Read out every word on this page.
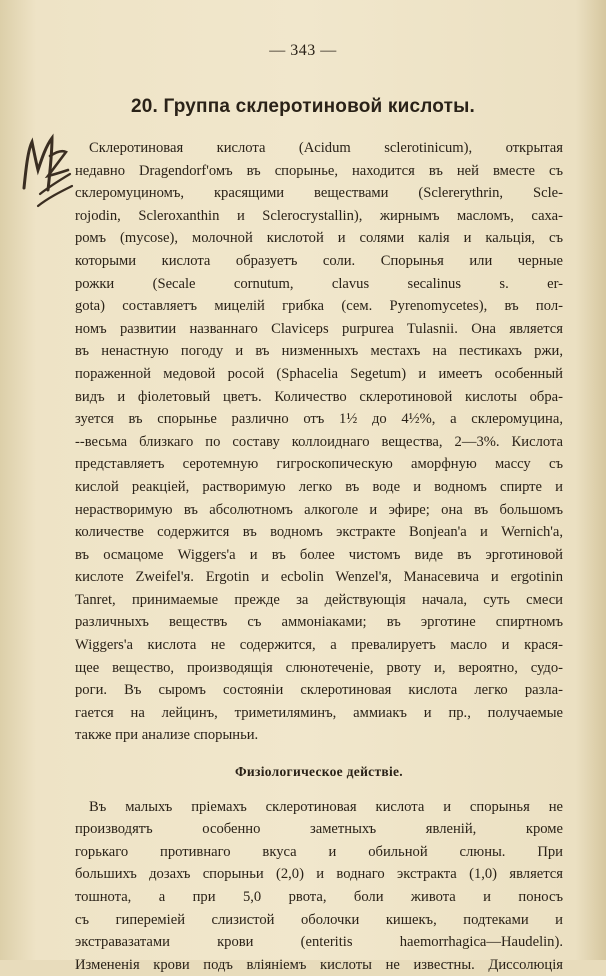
— 343 —
20. Группа склеротиновой кислоты.
Склеротиновая кислота (Acidum sclerotinicum), открытая
недавно Dragendorf'омъ въ спорынье, находится въ ней вместе съ
склеромуциномъ, красящими веществами (Sclererythrin, Scle-
rojodin, Scleroxanthin и Sclerocrystallin), жирнымъ масломъ, саха-
ромъ (mycose), молочной кислотой и солями калія и кальція, съ
которыми кислота образуетъ соли. Спорынья или черные
рожки (Secale cornutum, clavus secalinus s. er-
gota) составляетъ мицелій грибка (сем. Pyrenomycetes), въ пол-
номъ развитии названнаго Claviceps purpurea Tulasnii. Она является
въ ненастную погоду и въ низменныхъ местахъ на пестикахъ ржи,
пораженной медовой росой (Sphacelia Segetum) и имеетъ особенный
видъ и фіолетовый цветъ. Количество склеротиновой кислоты обра-
зуется въ спорынье различно отъ 1½ до 4½%, а склеромуцина,
--весьма близкаго по составу коллоиднаго вещества, 2—3%. Кислота
представляетъ серотемную гигроскопическую аморфную массу съ
кислой реакціей, растворимую легко въ воде и водномъ спирте и
нерастворимую въ абсолютномъ алкоголе и эфире; она въ большомъ
количестве содержится въ водномъ экстракте Bonjean'a и Wernich'a,
въ осмацоме Wiggers'a и въ более чистомъ виде въ эрготиновой
кислоте Zweifel'я. Ergotin и ecbolin Wenzel'я, Манасевича и ergotinin
Tanret, принимаемые прежде за действующія начала, суть смеси
различныхъ веществъ съ аммоніаками; въ эрготине спиртномъ
Wiggers'a кислота не содержится, а превалируетъ масло и крася-
щее вещество, производящія слюнотеченіе, рвоту и, вероятно, судо-
роги. Въ сыромъ состояніи склеротиновая кислота легко разла-
гается на лейцинъ, триметиляминъ, аммиакъ и пр., получаемые
также при анализе спорыньи.
Физіологическое действіе.
Въ малыхъ пріемахъ склеротиновая кислота и спорынья не
производятъ особенно заметныхъ явленій, кроме
горькаго противнаго вкуса и обильной слюны. При
большихъ дозахъ спорыньи (2,0) и воднаго экстракта (1,0) является
тошнота, а при 5,0 рвота, боли живота и поносъ
съ гиперемiей слизистой оболочки кишекъ, подтеками и
экстравазатами крови (enteritis haemorrhagica—Haudelin).
Измененія крови подъ вліяніемъ кислоты не известны. Диссолюція
